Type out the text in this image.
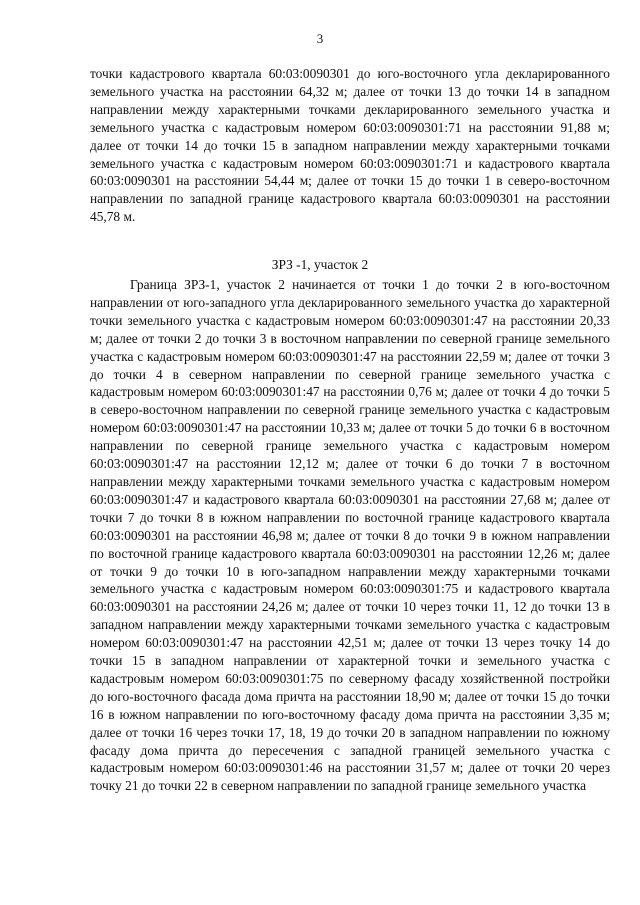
3

точки кадастрового квартала 60:03:0090301 до юго-восточного угла декларированного земельного участка на расстоянии 64,32 м; далее от точки 13 до точки 14 в западном направлении между характерными точками декларированного земельного участка и земельного участка с кадастровым номером 60:03:0090301:71 на расстоянии 91,88 м; далее от точки 14 до точки 15 в западном направлении между характерными точками земельного участка с кадастровым номером 60:03:0090301:71 и кадастрового квартала 60:03:0090301 на расстоянии 54,44 м; далее от точки 15 до точки 1 в северо-восточном направлении по западной границе кадастрового квартала 60:03:0090301 на расстоянии 45,78 м.

ЗРЗ -1, участок 2

Граница ЗРЗ-1, участок 2 начинается от точки 1 до точки 2 в юго-восточном направлении от юго-западного угла декларированного земельного участка до характерной точки земельного участка с кадастровым номером 60:03:0090301:47 на расстоянии 20,33 м; далее от точки 2 до точки 3 в восточном направлении по северной границе земельного участка с кадастровым номером 60:03:0090301:47 на расстоянии 22,59 м; далее от точки 3 до точки 4 в северном направлении по северной границе земельного участка с кадастровым номером 60:03:0090301:47 на расстоянии 0,76 м; далее от точки 4 до точки 5 в северо-восточном направлении по северной границе земельного участка с кадастровым номером 60:03:0090301:47 на расстоянии 10,33 м; далее от точки 5 до точки 6 в восточном направлении по северной границе земельного участка с кадастровым номером 60:03:0090301:47 на расстоянии 12,12 м; далее от точки 6 до точки 7 в восточном направлении между характерными точками земельного участка с кадастровым номером 60:03:0090301:47 и кадастрового квартала 60:03:0090301 на расстоянии 27,68 м; далее от точки 7 до точки 8 в южном направлении по восточной границе кадастрового квартала 60:03:0090301 на расстоянии 46,98 м; далее от точки 8 до точки 9 в южном направлении по восточной границе кадастрового квартала 60:03:0090301 на расстоянии 12,26 м; далее от точки 9 до точки 10 в юго-западном направлении между характерными точками земельного участка с кадастровым номером 60:03:0090301:75 и кадастрового квартала 60:03:0090301 на расстоянии 24,26 м; далее от точки 10 через точки 11, 12 до точки 13 в западном направлении между характерными точками земельного участка с кадастровым номером 60:03:0090301:47 на расстоянии 42,51 м; далее от точки 13 через точку 14 до точки 15 в западном направлении от характерной точки и земельного участка с кадастровым номером 60:03:0090301:75 по северному фасаду хозяйственной постройки до юго-восточного фасада дома причта на расстоянии 18,90 м; далее от точки 15 до точки 16 в южном направлении по юго-восточному фасаду дома причта на расстоянии 3,35 м; далее от точки 16 через точки 17, 18, 19 до точки 20 в западном направлении по южному фасаду дома причта до пересечения с западной границей земельного участка с кадастровым номером 60:03:0090301:46 на расстоянии 31,57 м; далее от точки 20 через точку 21 до точки 22 в северном направлении по западной границе земельного участка
